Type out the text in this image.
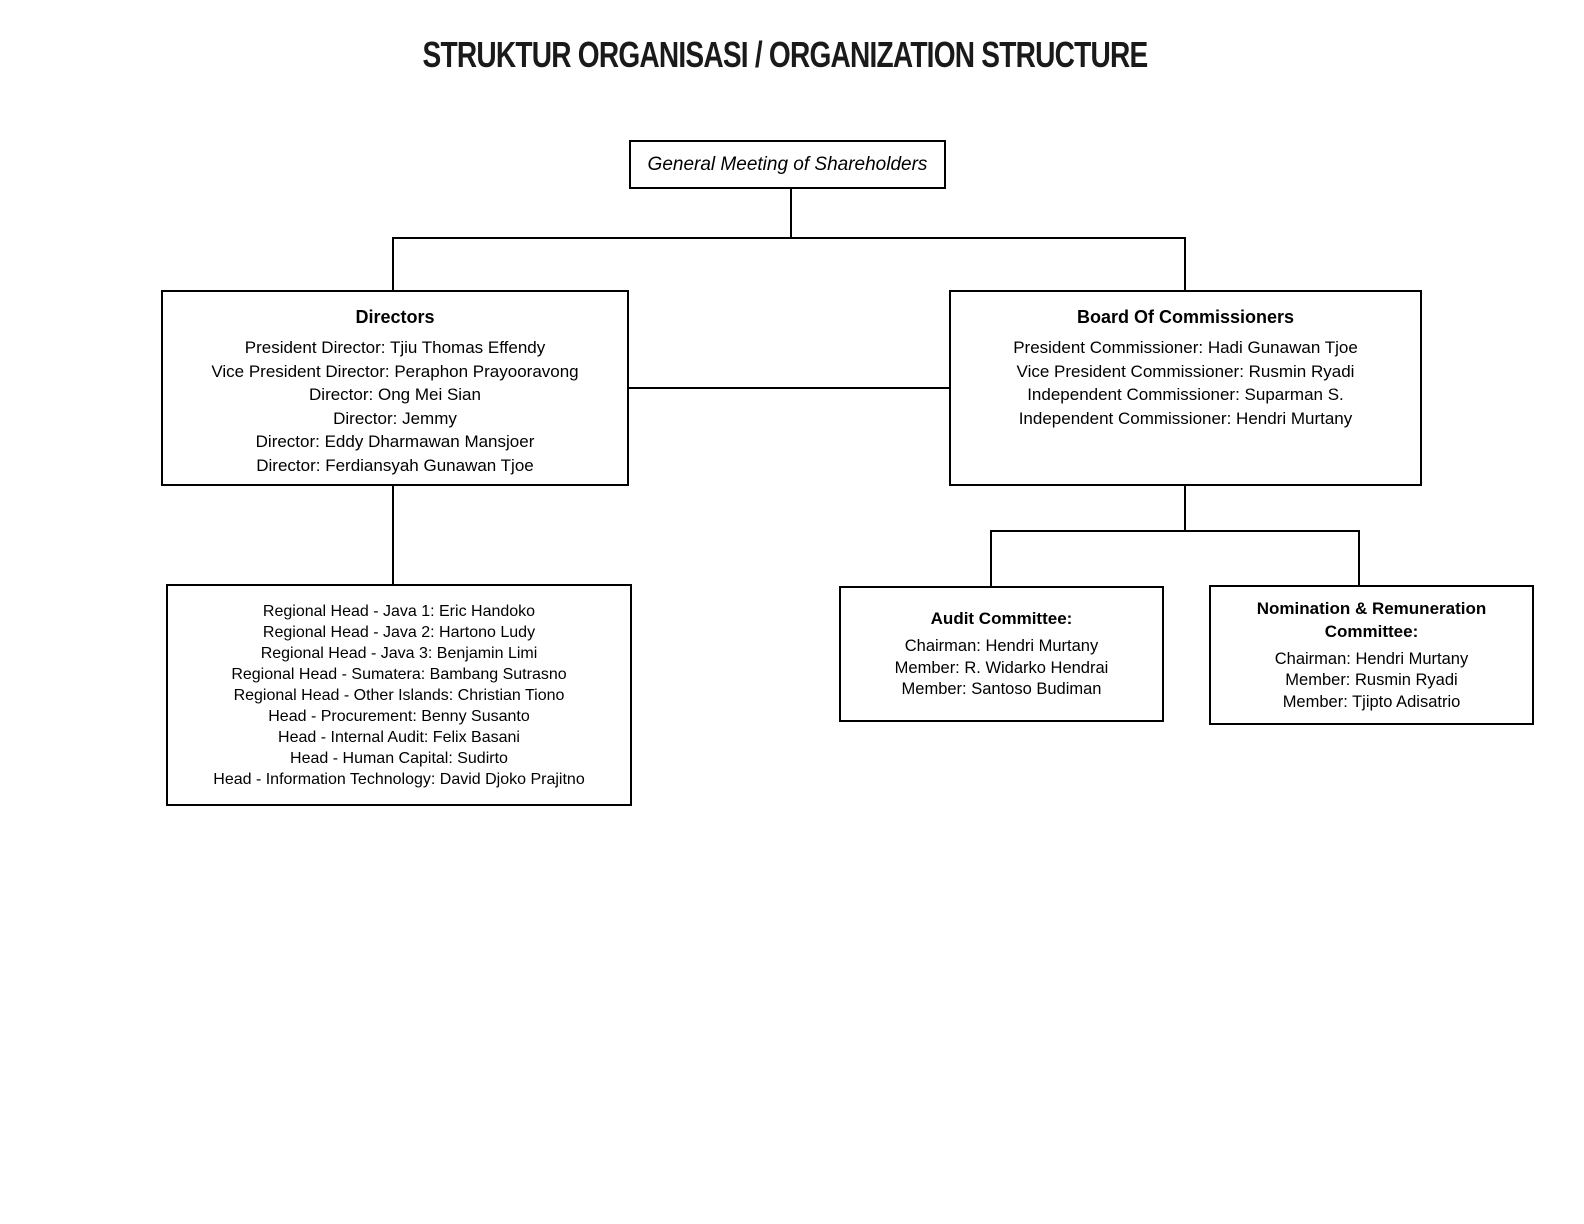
STRUKTUR ORGANISASI / ORGANIZATION STRUCTURE
General Meeting of Shareholders
Directors
President Director: Tjiu Thomas Effendy
Vice President Director: Peraphon Prayooravong
Director: Ong Mei Sian
Director: Jemmy
Director: Eddy Dharmawan Mansjoer
Director: Ferdiansyah Gunawan Tjoe
Board Of Commissioners
President Commissioner: Hadi Gunawan Tjoe
Vice President Commissioner: Rusmin Ryadi
Independent Commissioner: Suparman S.
Independent Commissioner: Hendri Murtany
Regional Head - Java 1: Eric Handoko
Regional Head - Java 2: Hartono Ludy
Regional Head - Java 3: Benjamin Limi
Regional Head - Sumatera: Bambang Sutrasno
Regional Head - Other Islands: Christian Tiono
Head - Procurement: Benny Susanto
Head - Internal Audit: Felix Basani
Head - Human Capital: Sudirto
Head - Information Technology: David Djoko Prajitno
Audit Committee:
Chairman: Hendri Murtany
Member: R. Widarko Hendrai
Member: Santoso Budiman
Nomination & Remuneration Committee:
Chairman: Hendri Murtany
Member: Rusmin Ryadi
Member: Tjipto Adisatrio
